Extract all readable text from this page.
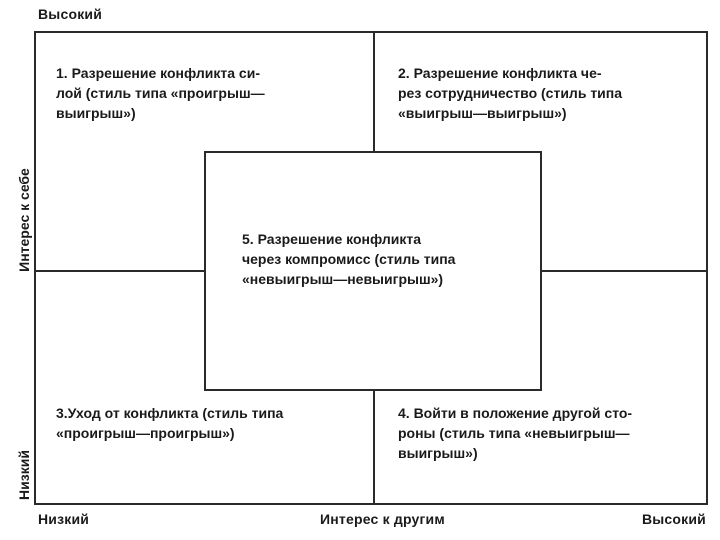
Высокий
Интерес к себе
Низкий
1. Разрешение конфликта си-
лой (стиль типа «проигрыш—
выигрыш»)
2. Разрешение конфликта че-
рез сотрудничество (стиль типа
«выигрыш—выигрыш»)
3.Уход от конфликта (стиль типа
«проигрыш—проигрыш»)
4. Войти в положение другой сто-
роны (стиль типа «невыигрыш—
выигрыш»)
5. Разрешение конфликта
через компромисс (стиль типа
«невыигрыш—невыигрыш»)
Низкий	Интерес к другим	Высокий
